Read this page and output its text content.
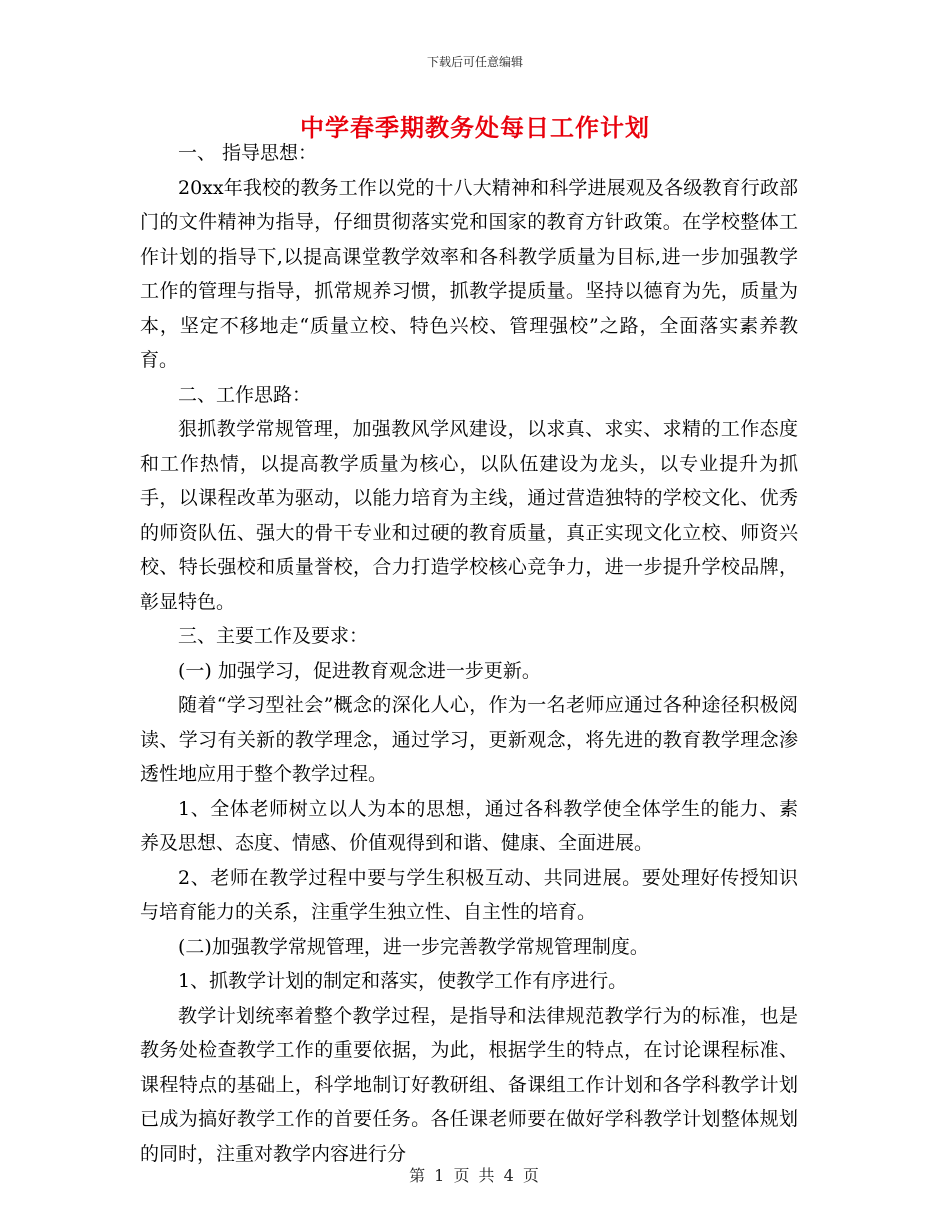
下载后可任意编辑
中学春季期教务处每日工作计划

一、 指导思想：

20xx年我校的教务工作以党的十八大精神和科学进展观及各级教育行政部门的文件精神为指导，仔细贯彻落实党和国家的教育方针政策。在学校整体工作计划的指导下,以提高课堂教学效率和各科教学质量为目标,进一步加强教学工作的管理与指导，抓常规养习惯，抓教学提质量。坚持以德育为先，质量为本，坚定不移地走“质量立校、特色兴校、管理强校”之路，全面落实素养教育。

二、工作思路：

狠抓教学常规管理，加强教风学风建设，以求真、求实、求精的工作态度和工作热情，以提高教学质量为核心，以队伍建设为龙头，以专业提升为抓手，以课程改革为驱动，以能力培育为主线，通过营造独特的学校文化、优秀的师资队伍、强大的骨干专业和过硬的教育质量，真正实现文化立校、师资兴校、特长强校和质量誉校，合力打造学校核心竞争力，进一步提升学校品牌，彰显特色。

三、主要工作及要求：

(一) 加强学习，促进教育观念进一步更新。

随着“学习型社会”概念的深化人心，作为一名老师应通过各种途径积极阅读、学习有关新的教学理念，通过学习，更新观念，将先进的教育教学理念渗透性地应用于整个教学过程。

1、全体老师树立以人为本的思想，通过各科教学使全体学生的能力、素养及思想、态度、情感、价值观得到和谐、健康、全面进展。

2、老师在教学过程中要与学生积极互动、共同进展。要处理好传授知识与培育能力的关系，注重学生独立性、自主性的培育。

(二)加强教学常规管理，进一步完善教学常规管理制度。

1、抓教学计划的制定和落实，使教学工作有序进行。

教学计划统率着整个教学过程，是指导和法律规范教学行为的标准，也是教务处检查教学工作的重要依据，为此，根据学生的特点，在讨论课程标准、课程特点的基础上，科学地制订好教研组、备课组工作计划和各学科教学计划已成为搞好教学工作的首要任务。各任课老师要在做好学科教学计划整体规划的同时，注重对教学内容进行分

第 1 页 共 4 页
